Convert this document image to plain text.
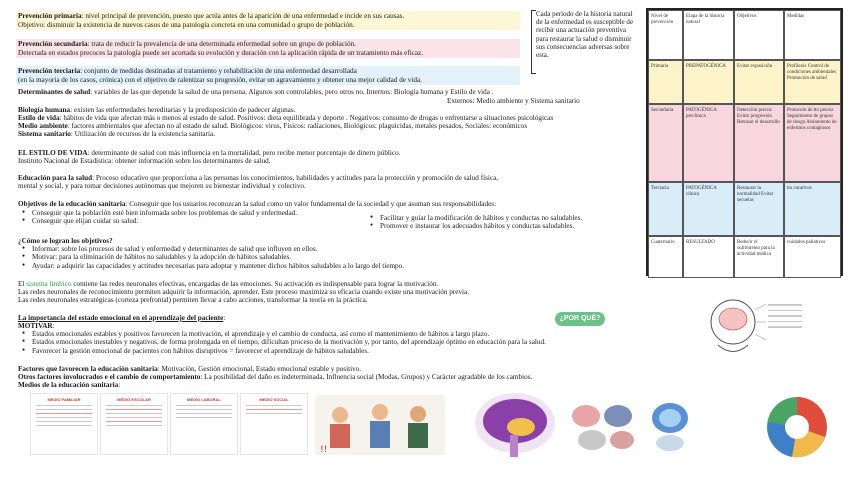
Prevención primaria: nivel principal de prevención, puesto que actúa antes de la aparición de una enfermedad e incide en sus causas.
Objetivo: disminuir la existencia de nuevos casos de una patología concreta en una comunidad o grupo de población.
Prevención secundaria: trata de reducir la prevalencia de una determinada enfermedad sobre un grupo de población.
Detectada en estados precoces la patología puede ser acortada su evolución y duración con la aplicación rápida de un tratamiento más eficaz.
Prevención terciaria: conjunto de medidas destinadas al tratamiento y rehabilitación de una enfermedad desarrollada
(en la mayoria de los casos, crónica) con el objetivo de ralentizar su progresión, evitar un agravamiento y obtener una mejor calidad de vida.
Cada periodo de la historia natural de la enfermedad es susceptible de recibir una actuación preventiva para restaurar la salud o disminuir sus consecuencias adversas sobre esta.
Determinantes de salud: variables de las que depende la salud de una persona. Algunos son controlables, pero otros no. Internos: Biología humana y Estilo de vida .
Externos: Medio ambiente y Sistema sanitario
Biología humana: existen las enfermedades hereditarias y la predisposición de padecer algunas.
Estilo de vida: hábitos de vida que afectan más o menos al estado de salud. Positivos: dieta equilibrada y deporte . Negativos: consumo de drogas o enfrentarse a situaciones psicológicas
Medio ambiente: factores ambientales que afectan no al estado de salud. Biológicos: virus, Físicos: radiaciones, Biológicos: plaguicidas, metales pesados, Sociales: económicos
Sistema sanitario: Utilización de recursos de la existencia sanitaria.
EL ESTILO DE VIDA: determinante de salud con más influencia en la mortalidad, pero recibe menor porcentaje de dinero público.
Instituto Nacional de Estadística: obtener información sobre los determinantes de salud.
Educación para la salud: Proceso educativo que proporciona a las personas los conocimientos, habilidades y actitudes para la protección y promoción de salud física,
mental y social, y para tomar decisiones autónomas que mejoren su bienestar individual y colectivo.
Objetivos de la educación sanitaria: Conseguir que los usuarios reconozcan la salud como un valor fundamental de la sociedad y que asuman sus responsabilidades:
● Conseguir que la población esté bien informada sobre los problemas de salud y enfermedad.
● Conseguir que elijan cuidar su salud.
●	Facilitar y guiar la modificación de hábitos y conductas no saludables.
● Promover e instaurar los adecuados hábitos y conductas saludables.
¿Cómo se logran los objetivos?
● Informar: sobre los procesos de salud y enfermedad y determinantes de salud que influyen en ellos.
● Motivar: para la eliminación de hábitos no saludables y la adopción de hábitos saludables.
● Ayudar: a adquirir las capacidades y actitudes necesarias para adoptar y mantener dichos hábitos saludables a lo largo del tiempo.
El sistema límbico contiene las redes neuronales efectivas, encargadas de las emociones. Su activación es indispensable para lograr la motivación.
Las redes neuronales de reconocimiento permiten adquirir la información, aprender. Este proceso maximiza su eficacia cuando existe una motivación previa.
Las redes neuronales estratégicas (corteza prefrontal) permiten llevar a cabo acciones, transformar la teoría en la práctica.
La importancia del estado emocional en el aprendizaje del paciente:	¿POR QUÉ?
MOTIVAR:
● Estados emocionales estables y positivos favorecen la motivación, el aprendizaje y el cambio de conducta, así como el mantenimiento de hábitos a largo plazo.
● Estados emocionales inestables y negativos, de forma prolongada en el tiempo, dificultan proceso de la motivación y, por tanto, del aprendizaje óptimo en educación para la salud.
● Favorecer la gestión emocional de pacientes con hábitos disruptivos = favorecer el aprendizaje de hábitos saludables.
Factores que favorecen la educación sanitaria: Motivación, Gestión emocional, Estado emocional estable y positivo.
Otros factores involucrados e el cambio de comportamiento: La posibilidad del daño es indeterminada, Influencia social (Modas, Grupos) y Carácter agradable de los cambios.
Medios de la educación sanitaria:
MEDIO FAMILIAR	MEDIO ESCOLAR	MEDIO LABORAL	MEDIO SOCIAL
!!
Nivel de prevención
Etapa de la historia natural
Objetivos	Medidas
Primaria	PREPATOGÉNICA	Evitar exposición	Profilaxis Control de condiciones ambientales Promoción de salud
Secundaria	PATOGÉNICA preclínica
Detección precoz Evitar progresión Retrasar el desarrollo
Protocolo de tto precoz Seguimiento de grupos de riesgo Aislamiento de enfermos contagiosos
Terciaria	PATOGÉNICA clínica
Restaurar la normalidad Evitar secuelas
tto curativos
Cuaternario	RESULTADO	Reducir el sufrimiento para la actividad médica
cuidados paliativos
